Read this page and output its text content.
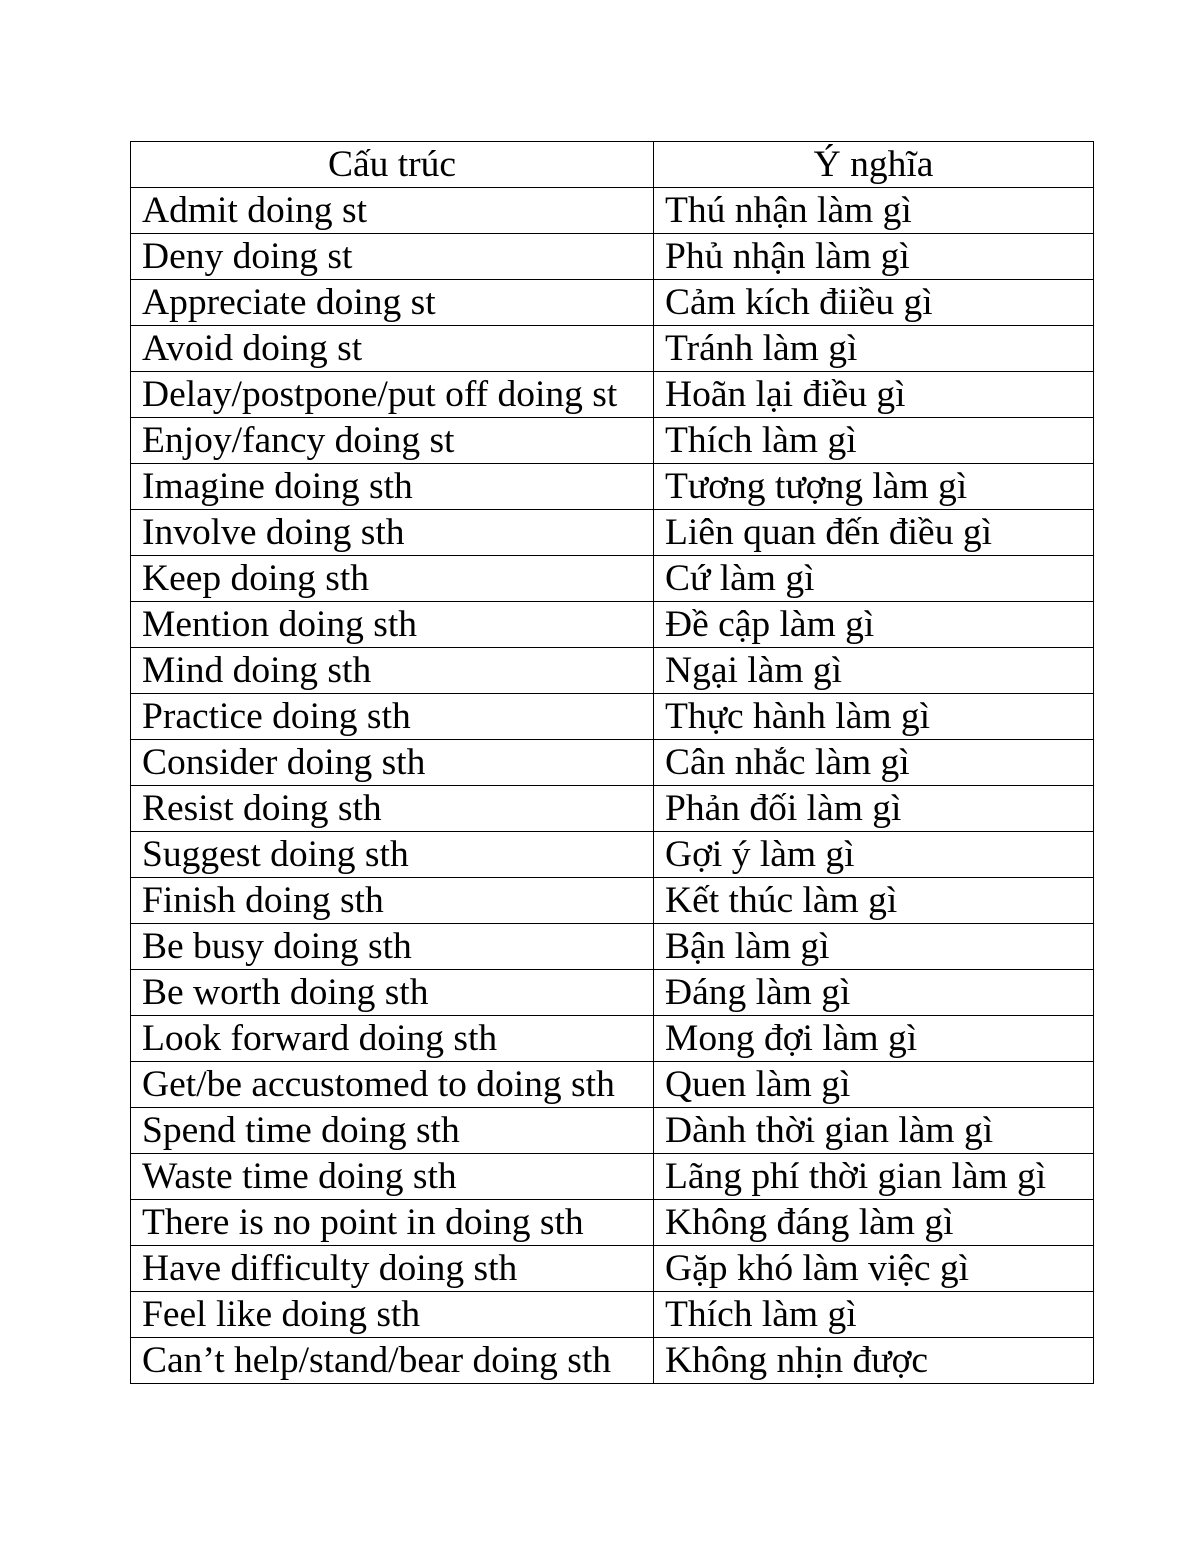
Cấu trúc	Ý nghĩa
Admit doing st	Thú nhận làm gì
Deny doing st	Phủ nhận làm gì
Appreciate doing st	Cảm kích điiều gì
Avoid doing st	Tránh làm gì
Delay/postpone/put off doing st	Hoãn lại điều gì
Enjoy/fancy doing st	Thích làm gì
Imagine doing sth	Tương tượng làm gì
Involve doing sth	Liên quan đến điều gì
Keep doing sth	Cứ làm gì
Mention doing sth	Đề cập làm gì
Mind doing sth	Ngại làm gì
Practice doing sth	Thực hành làm gì
Consider doing sth	Cân nhắc làm gì
Resist doing sth	Phản đối làm gì
Suggest doing sth	Gợi ý làm gì
Finish doing sth	Kết thúc làm gì
Be busy doing sth	Bận làm gì
Be worth doing sth	Đáng làm gì
Look forward doing sth	Mong đợi làm gì
Get/be accustomed to doing sth	Quen làm gì
Spend time doing sth	Dành thời gian làm gì
Waste time doing sth	Lãng phí thời gian làm gì
There is no point in doing sth	Không đáng làm gì
Have difficulty doing sth	Gặp khó làm việc gì
Feel like doing sth	Thích làm gì
Can’t help/stand/bear doing sth	Không nhịn được
